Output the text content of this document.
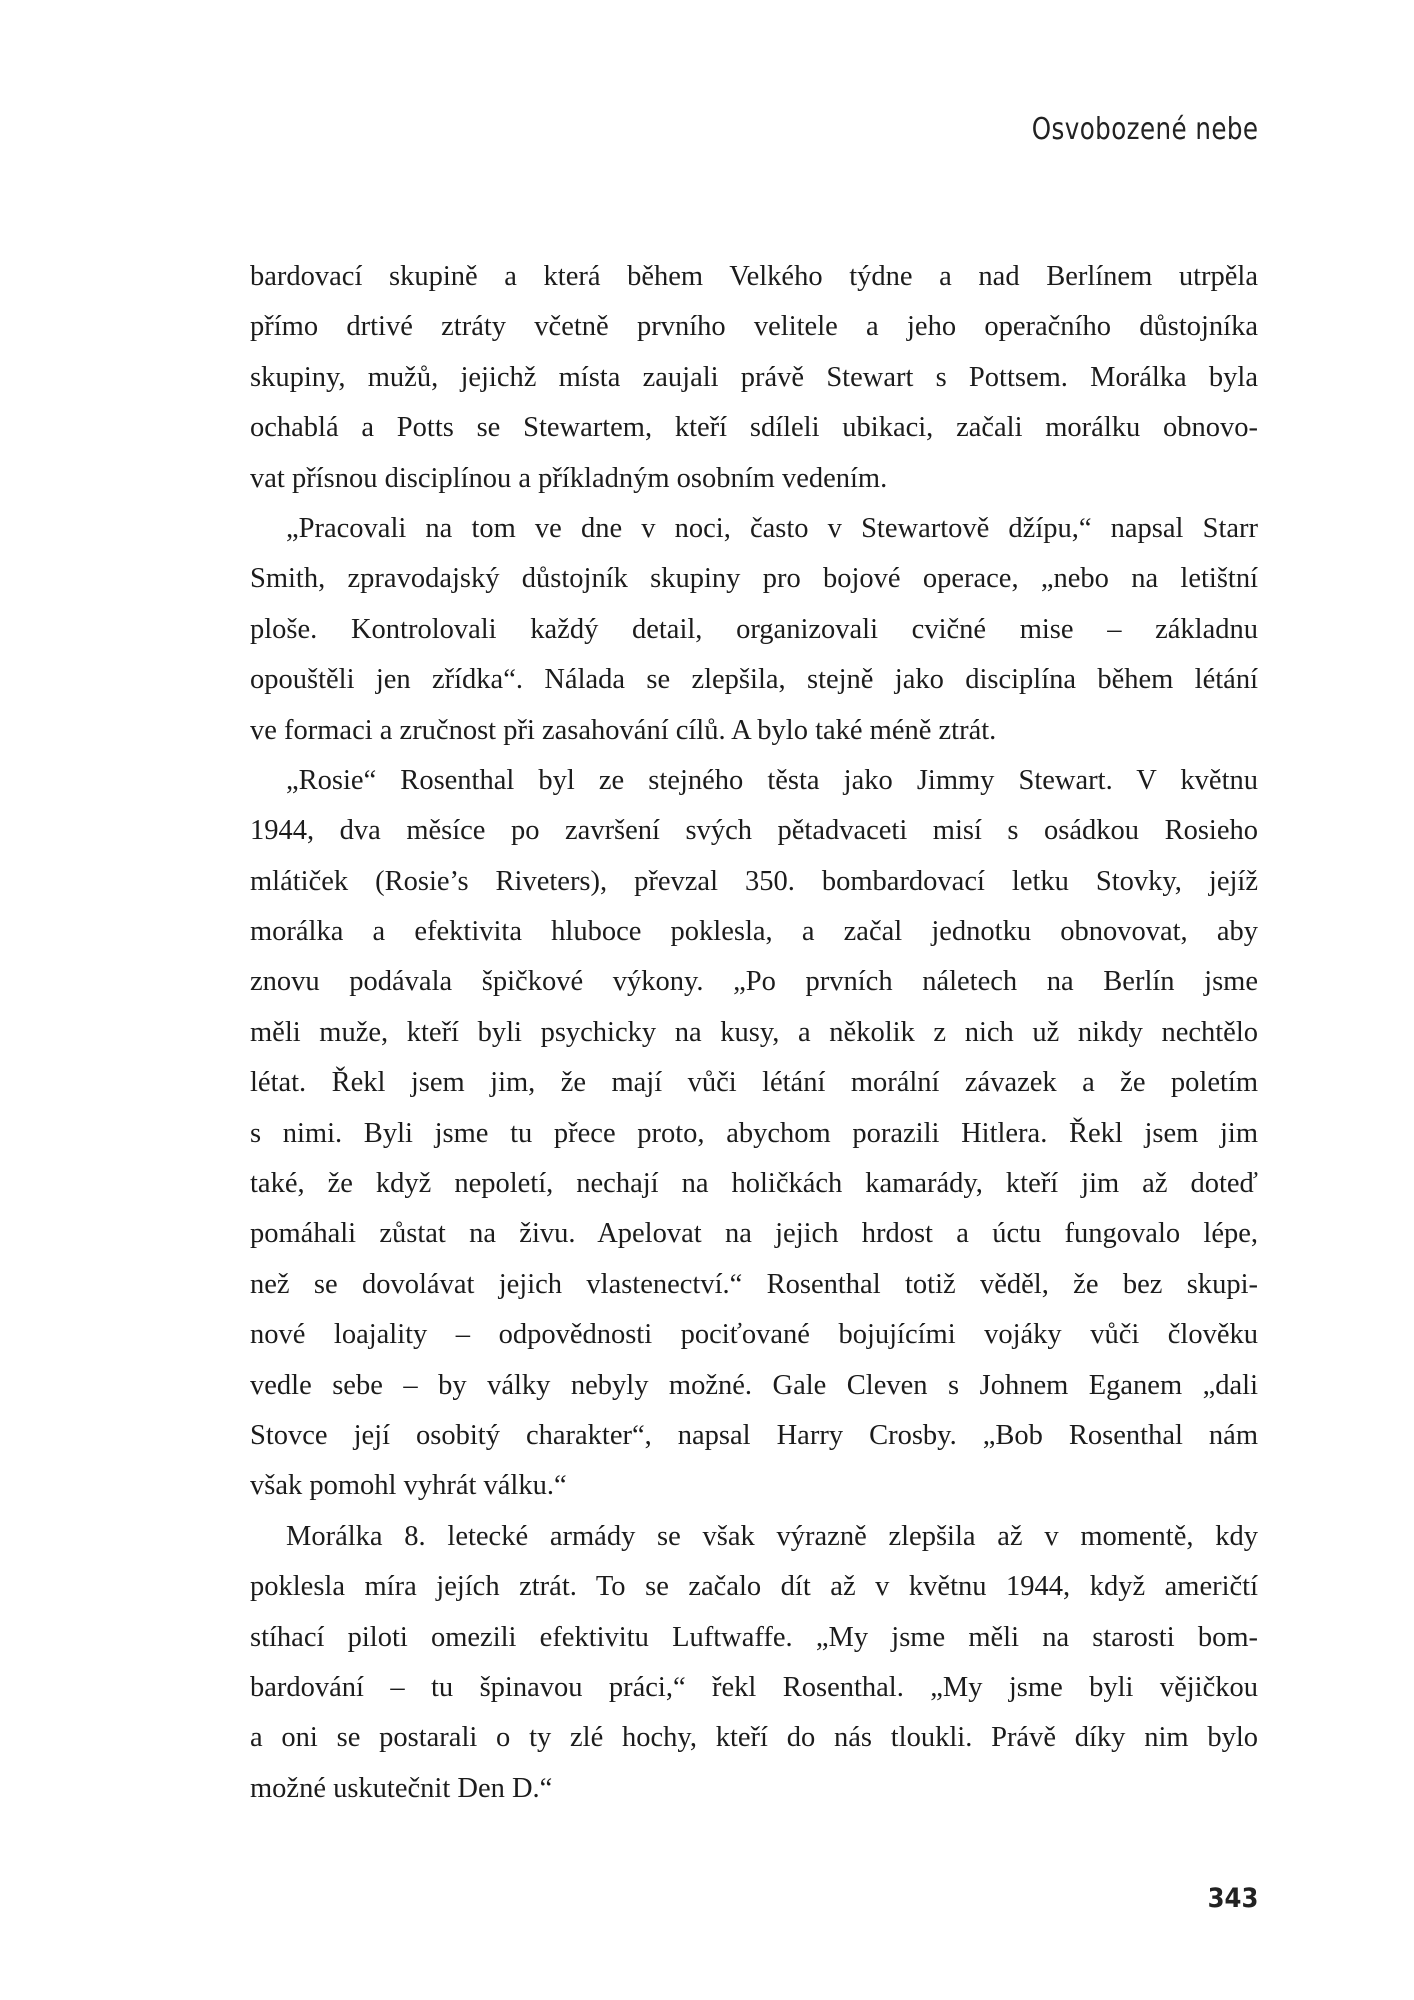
Osvobozené nebe
bardovací skupině a která během Velkého týdne a nad Berlínem utrpěla
přímo drtivé ztráty včetně prvního velitele a jeho operačního důstojníka
skupiny, mužů, jejichž místa zaujali právě Stewart s Pottsem. Morálka byla
ochablá a Potts se Stewartem, kteří sdíleli ubikaci, začali morálku obnovo-
vat přísnou disciplínou a příkladným osobním vedením.
„Pracovali na tom ve dne v noci, často v Stewartově džípu,“ napsal Starr
Smith, zpravodajský důstojník skupiny pro bojové operace, „nebo na letištní
ploše. Kontrolovali každý detail, organizovali cvičné mise – základnu
opouštěli jen zřídka“. Nálada se zlepšila, stejně jako disciplína během létání
ve formaci a zručnost při zasahování cílů. A bylo také méně ztrát.
„Rosie“ Rosenthal byl ze stejného těsta jako Jimmy Stewart. V květnu
1944, dva měsíce po završení svých pětadvaceti misí s osádkou Rosieho
mlátiček (Rosie’s Riveters), převzal 350. bombardovací letku Stovky, jejíž
morálka a efektivita hluboce poklesla, a začal jednotku obnovovat, aby
znovu podávala špičkové výkony. „Po prvních náletech na Berlín jsme
měli muže, kteří byli psychicky na kusy, a několik z nich už nikdy nechtělo
létat. Řekl jsem jim, že mají vůči létání morální závazek a že poletím
s nimi. Byli jsme tu přece proto, abychom porazili Hitlera. Řekl jsem jim
také, že když nepoletí, nechají na holičkách kamarády, kteří jim až doteď
pomáhali zůstat na živu. Apelovat na jejich hrdost a úctu fungovalo lépe,
než se dovolávat jejich vlastenectví.“ Rosenthal totiž věděl, že bez skupi-
nové loajality – odpovědnosti pociťované bojujícími vojáky vůči člověku
vedle sebe – by války nebyly možné. Gale Cleven s Johnem Eganem „dali
Stovce její osobitý charakter“, napsal Harry Crosby. „Bob Rosenthal nám
však pomohl vyhrát válku.“
Morálka 8. letecké armády se však výrazně zlepšila až v momentě, kdy
poklesla míra jejích ztrát. To se začalo dít až v květnu 1944, když američtí
stíhací piloti omezili efektivitu Luftwaffe. „My jsme měli na starosti bom-
bardování – tu špinavou práci,“ řekl Rosenthal. „My jsme byli vějičkou
a oni se postarali o ty zlé hochy, kteří do nás tloukli. Právě díky nim bylo
možné uskutečnit Den D.“
343
